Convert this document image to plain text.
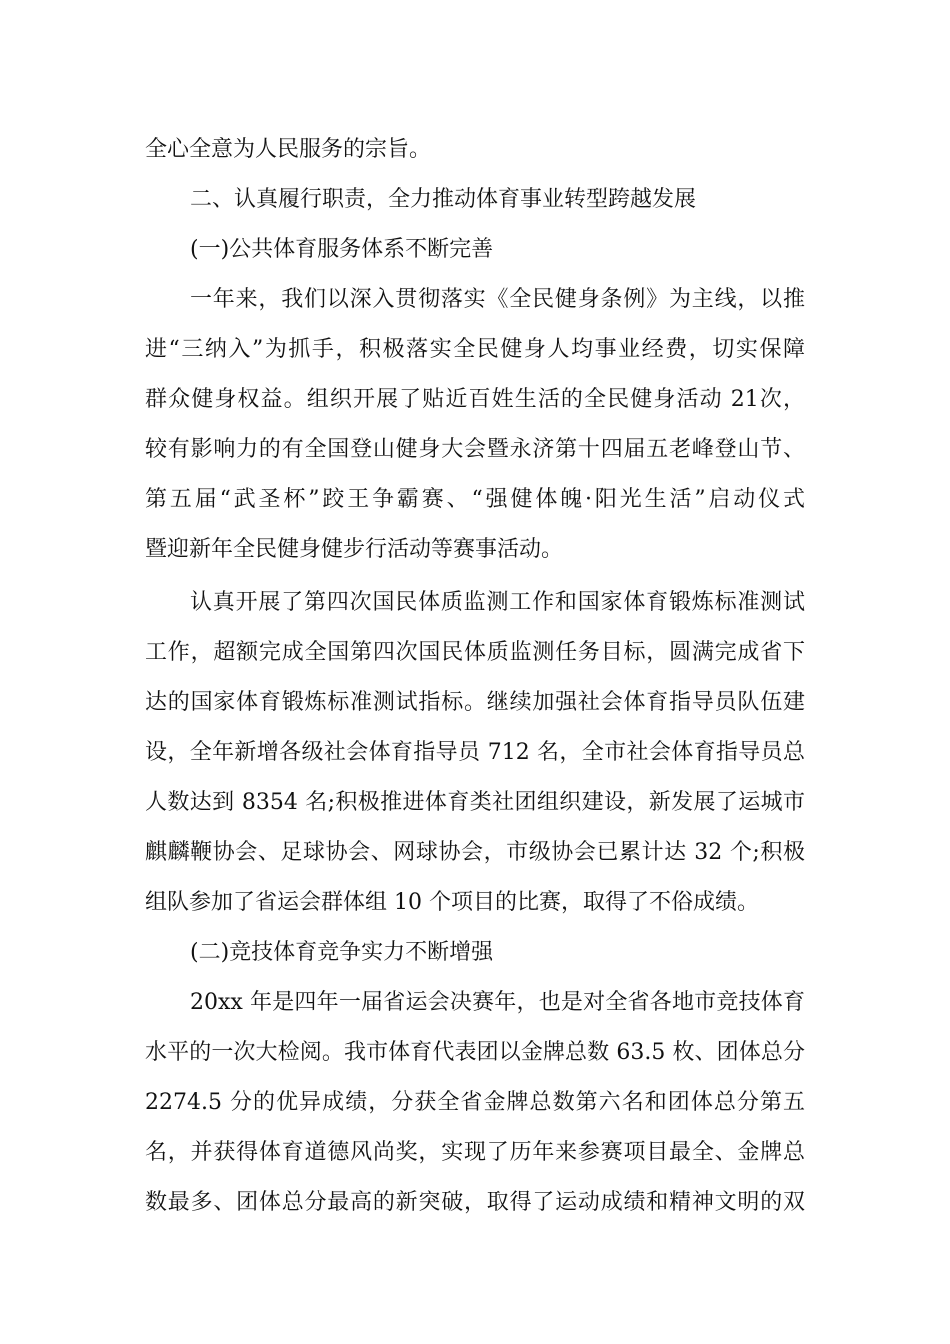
全心全意为人民服务的宗旨。
二、认真履行职责，全力推动体育事业转型跨越发展
(一)公共体育服务体系不断完善
一年来，我们以深入贯彻落实《全民健身条例》为主线，以推
进“三纳入”为抓手，积极落实全民健身人均事业经费，切实保障
群众健身权益。组织开展了贴近百姓生活的全民健身活动 21次，
较有影响力的有全国登山健身大会暨永济第十四届五老峰登山节、
第五届“武圣杯”跤王争霸赛、“强健体魄·阳光生活”启动仪式
暨迎新年全民健身健步行活动等赛事活动。
认真开展了第四次国民体质监测工作和国家体育锻炼标准测试
工作，超额完成全国第四次国民体质监测任务目标，圆满完成省下
达的国家体育锻炼标准测试指标。继续加强社会体育指导员队伍建
设，全年新增各级社会体育指导员 712 名，全市社会体育指导员总
人数达到 8354 名;积极推进体育类社团组织建设，新发展了运城市
麒麟鞭协会、足球协会、网球协会，市级协会已累计达 32 个;积极
组队参加了省运会群体组 10 个项目的比赛，取得了不俗成绩。
(二)竞技体育竞争实力不断增强
20xx 年是四年一届省运会决赛年，也是对全省各地市竞技体育
水平的一次大检阅。我市体育代表团以金牌总数 63.5 枚、团体总分
2274.5 分的优异成绩，分获全省金牌总数第六名和团体总分第五
名，并获得体育道德风尚奖，实现了历年来参赛项目最全、金牌总
数最多、团体总分最高的新突破，取得了运动成绩和精神文明的双
